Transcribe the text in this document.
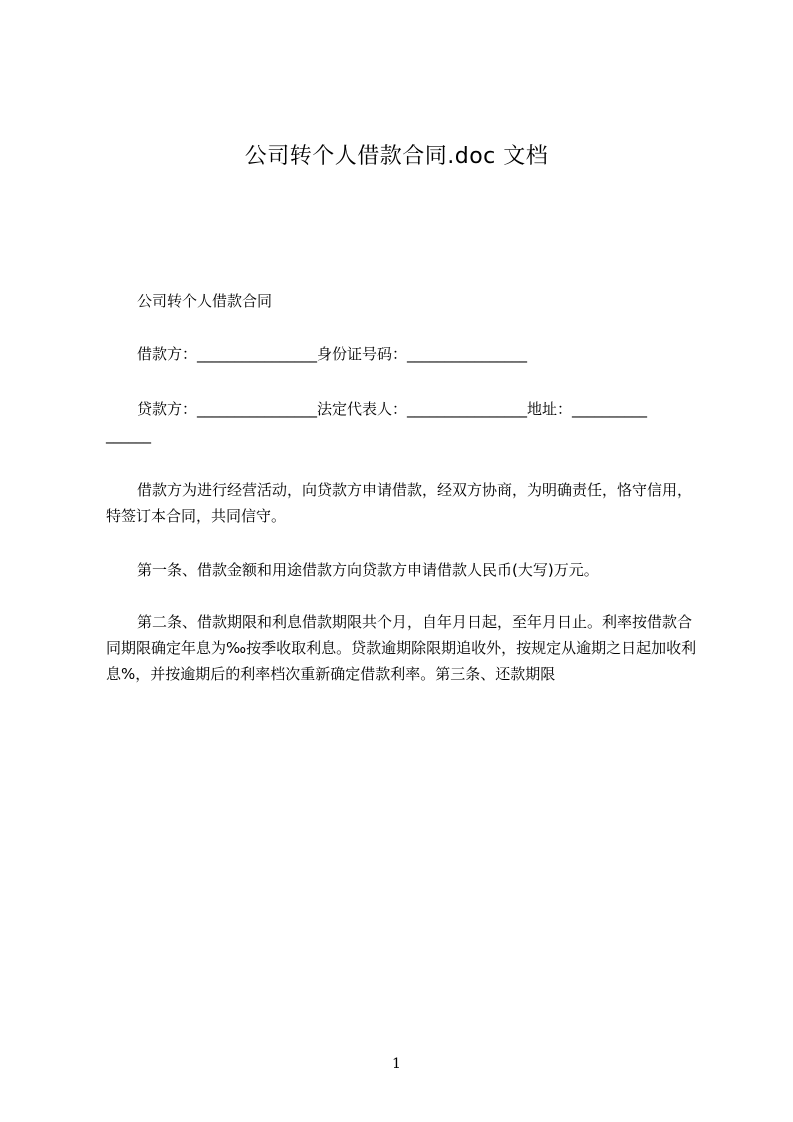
公司转个人借款合同.doc 文档
公司转个人借款合同
借款方：________________身份证号码：________________
贷款方：________________法定代表人：________________地址：__________
______
借款方为进行经营活动，向贷款方申请借款，经双方协商，为明确责任，恪守信用，特签订本合同，共同信守。
第一条、借款金额和用途借款方向贷款方申请借款人民币(大写)万元。
第二条、借款期限和利息借款期限共个月，自年月日起，至年月日止。利率按借款合同期限确定年息为‰按季收取利息。贷款逾期除限期追收外，按规定从逾期之日起加收利息%，并按逾期后的利率档次重新确定借款利率。第三条、还款期限
1
